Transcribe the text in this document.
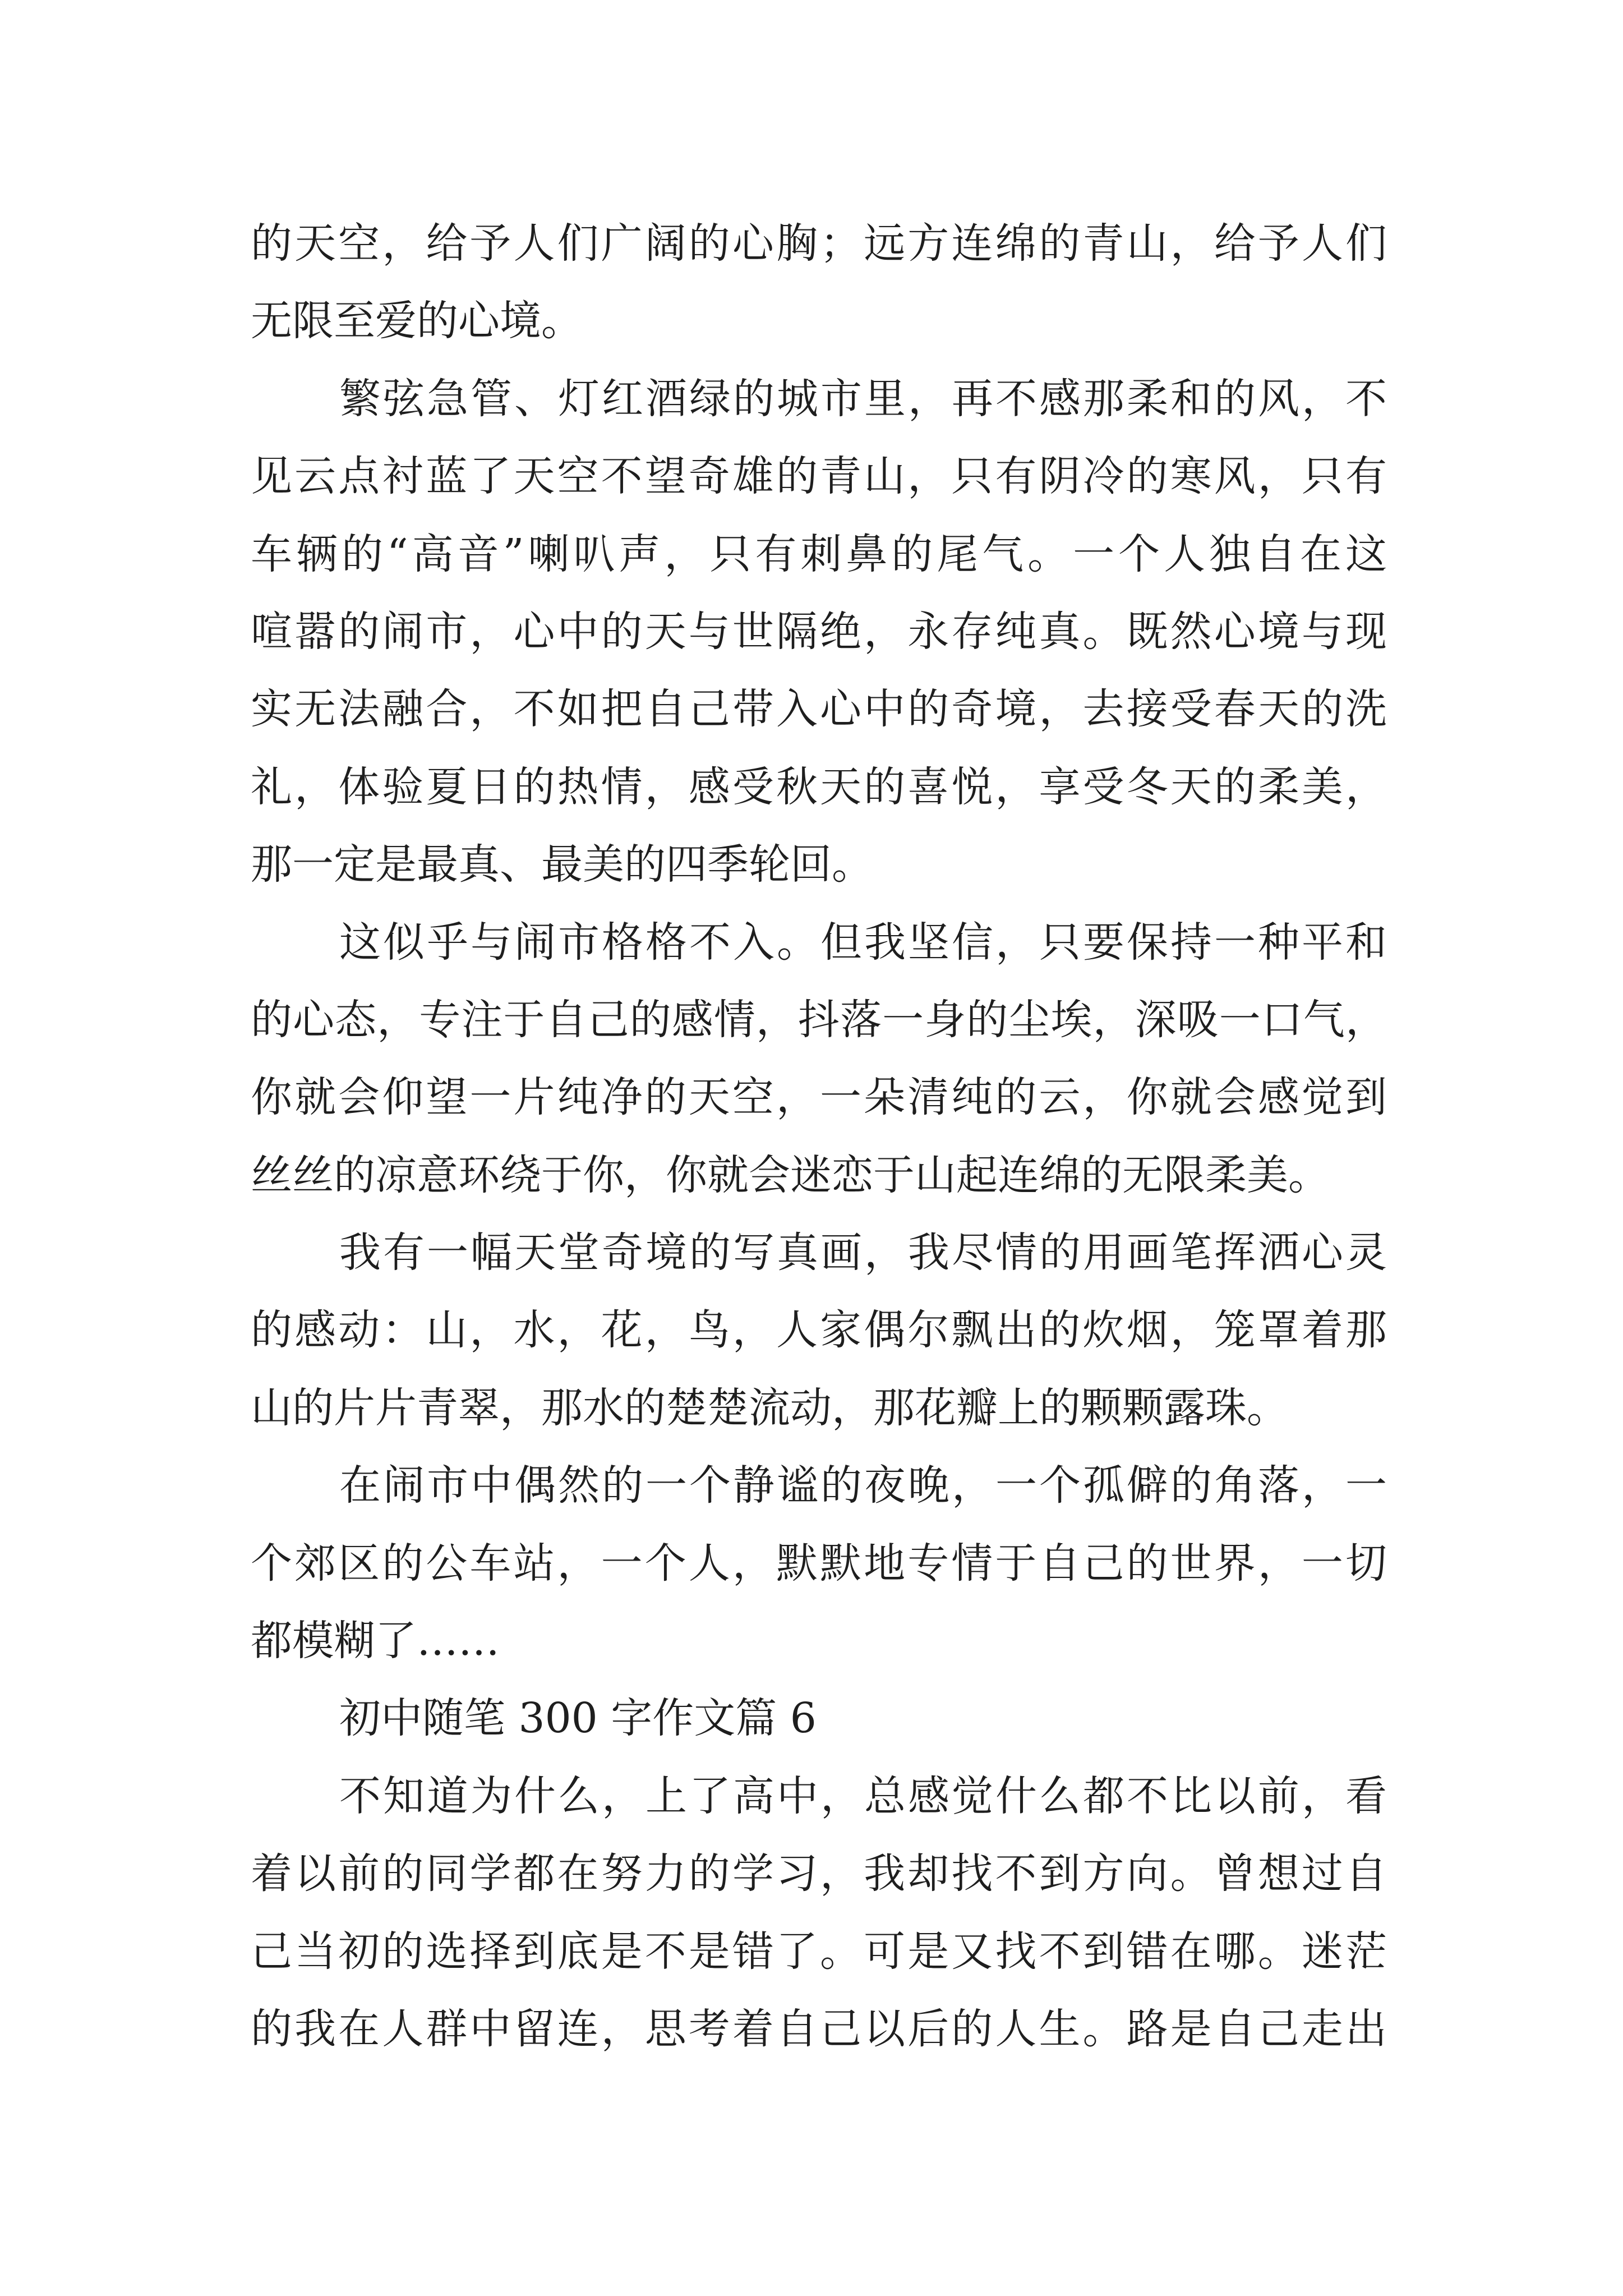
的天空，给予人们广阔的心胸；远方连绵的青山，给予人们
无限至爱的心境。
繁弦急管、灯红酒绿的城市里，再不感那柔和的风，不
见云点衬蓝了天空不望奇雄的青山，只有阴冷的寒风，只有
车辆的“高音”喇叭声，只有刺鼻的尾气。一个人独自在这
喧嚣的闹市，心中的天与世隔绝，永存纯真。既然心境与现
实无法融合，不如把自己带入心中的奇境，去接受春天的洗
礼，体验夏日的热情，感受秋天的喜悦，享受冬天的柔美，
那一定是最真、最美的四季轮回。
这似乎与闹市格格不入。但我坚信，只要保持一种平和
的心态，专注于自己的感情，抖落一身的尘埃，深吸一口气，
你就会仰望一片纯净的天空，一朵清纯的云，你就会感觉到
丝丝的凉意环绕于你，你就会迷恋于山起连绵的无限柔美。
我有一幅天堂奇境的写真画，我尽情的用画笔挥洒心灵
的感动：山，水，花，鸟，人家偶尔飘出的炊烟，笼罩着那
山的片片青翠，那水的楚楚流动，那花瓣上的颗颗露珠。
在闹市中偶然的一个静谧的夜晚，一个孤僻的角落，一
个郊区的公车站，一个人，默默地专情于自己的世界，一切
都模糊了……
初中随笔 300 字作文篇 6
不知道为什么，上了高中，总感觉什么都不比以前，看
着以前的同学都在努力的学习，我却找不到方向。曾想过自
己当初的选择到底是不是错了。可是又找不到错在哪。迷茫
的我在人群中留连，思考着自己以后的人生。路是自己走出
